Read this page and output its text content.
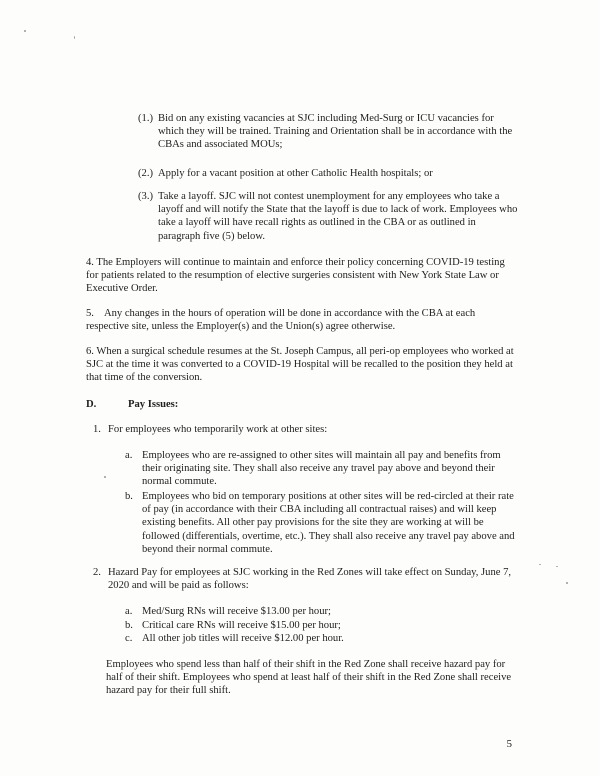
(1.) Bid on any existing vacancies at SJC including Med-Surg or ICU vacancies for which they will be trained. Training and Orientation shall be in accordance with the CBAs and associated MOUs;

(2.) Apply for a vacant position at other Catholic Health hospitals; or

(3.) Take a layoff. SJC will not contest unemployment for any employees who take a layoff and will notify the State that the layoff is due to lack of work. Employees who take a layoff will have recall rights as outlined in the CBA or as outlined in paragraph five (5) below.

4. The Employers will continue to maintain and enforce their policy concerning COVID-19 testing for patients related to the resumption of elective surgeries consistent with New York State Law or Executive Order.

5.    Any changes in the hours of operation will be done in accordance with the CBA at each respective site, unless the Employer(s) and the Union(s) agree otherwise.

6. When a surgical schedule resumes at the St. Joseph Campus, all peri-op employees who worked at SJC at the time it was converted to a COVID-19 Hospital will be recalled to the position they held at that time of the conversion.

D.	Pay Issues:
1. For employees who temporarily work at other sites:

a. Employees who are re-assigned to other sites will maintain all pay and benefits from their originating site. They shall also receive any travel pay above and beyond their normal commute.

b. Employees who bid on temporary positions at other sites will be red-circled at their rate of pay (in accordance with their CBA including all contractual raises) and will keep existing benefits. All other pay provisions for the site they are working at will be followed (differentials, overtime, etc.). They shall also receive any travel pay above and beyond their normal commute.

2. Hazard Pay for employees at SJC working in the Red Zones will take effect on Sunday, June 7, 2020 and will be paid as follows:

a. Med/Surg RNs will receive $13.00 per hour;

b. Critical care RNs will receive $15.00 per hour;

c. All other job titles will receive $12.00 per hour.

Employees who spend less than half of their shift in the Red Zone shall receive hazard pay for half of their shift. Employees who spend at least half of their shift in the Red Zone shall receive hazard pay for their full shift.

5
